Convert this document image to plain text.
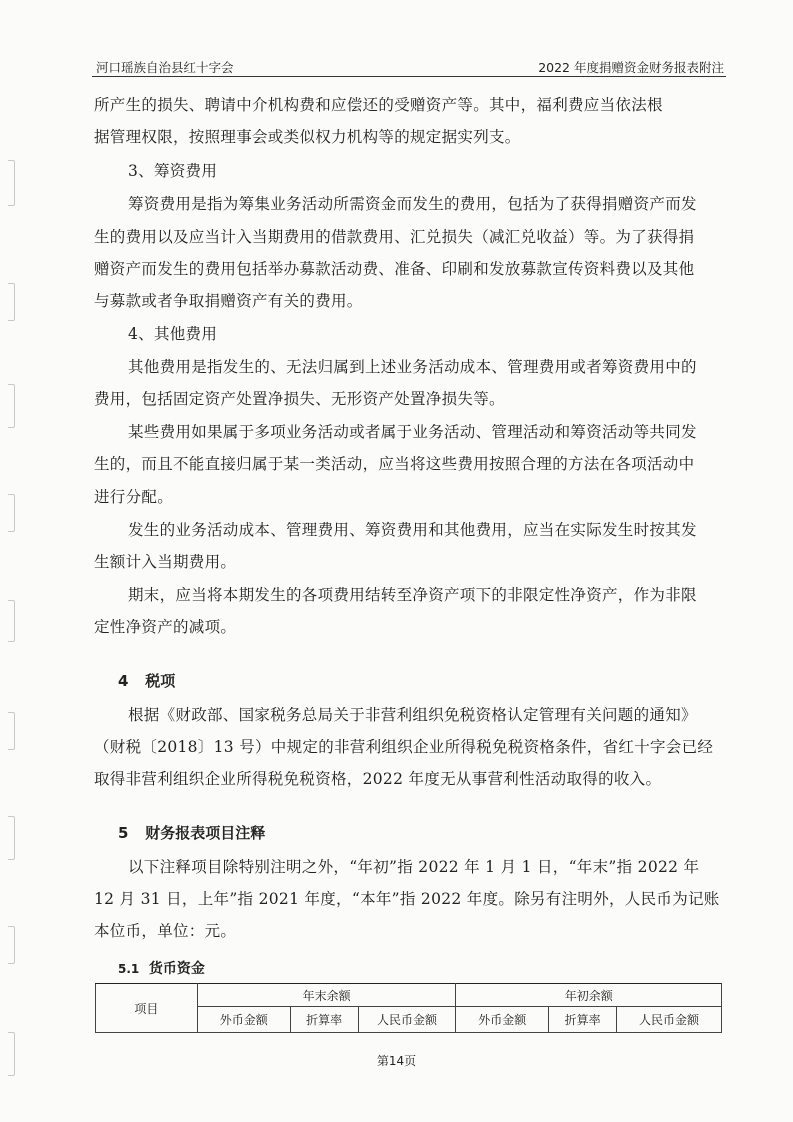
河口瑶族自治县红十字会	2022 年度捐赠资金财务报表附注
所产生的损失、聘请中介机构费和应偿还的受赠资产等。其中，福利费应当依法根
据管理权限，按照理事会或类似权力机构等的规定据实列支。
3、筹资费用
筹资费用是指为筹集业务活动所需资金而发生的费用，包括为了获得捐赠资产而发
生的费用以及应当计入当期费用的借款费用、汇兑损失（减汇兑收益）等。为了获得捐
赠资产而发生的费用包括举办募款活动费、准备、印刷和发放募款宣传资料费以及其他
与募款或者争取捐赠资产有关的费用。
4、其他费用
其他费用是指发生的、无法归属到上述业务活动成本、管理费用或者筹资费用中的
费用，包括固定资产处置净损失、无形资产处置净损失等。
某些费用如果属于多项业务活动或者属于业务活动、管理活动和筹资活动等共同发
生的，而且不能直接归属于某一类活动，应当将这些费用按照合理的方法在各项活动中
进行分配。
发生的业务活动成本、管理费用、筹资费用和其他费用，应当在实际发生时按其发
生额计入当期费用。
期末，应当将本期发生的各项费用结转至净资产项下的非限定性净资产，作为非限
定性净资产的减项。
4 税项
根据《财政部、国家税务总局关于非营利组织免税资格认定管理有关问题的通知》
（财税〔2018〕13 号）中规定的非营利组织企业所得税免税资格条件，省红十字会已经
取得非营利组织企业所得税免税资格，2022 年度无从事营利性活动取得的收入。
5 财务报表项目注释
以下注释项目除特别注明之外，“年初”指 2022 年 1 月 1 日，“年末”指 2022 年
12 月 31 日，上年”指 2021 年度，“本年”指 2022 年度。除另有注明外，人民币为记账
本位币，单位：元。
5.1 货币资金
项目	年末余额			年初余额		
	外币金额	折算率	人民币金额	外币金额	折算率	人民币金额
第14页
